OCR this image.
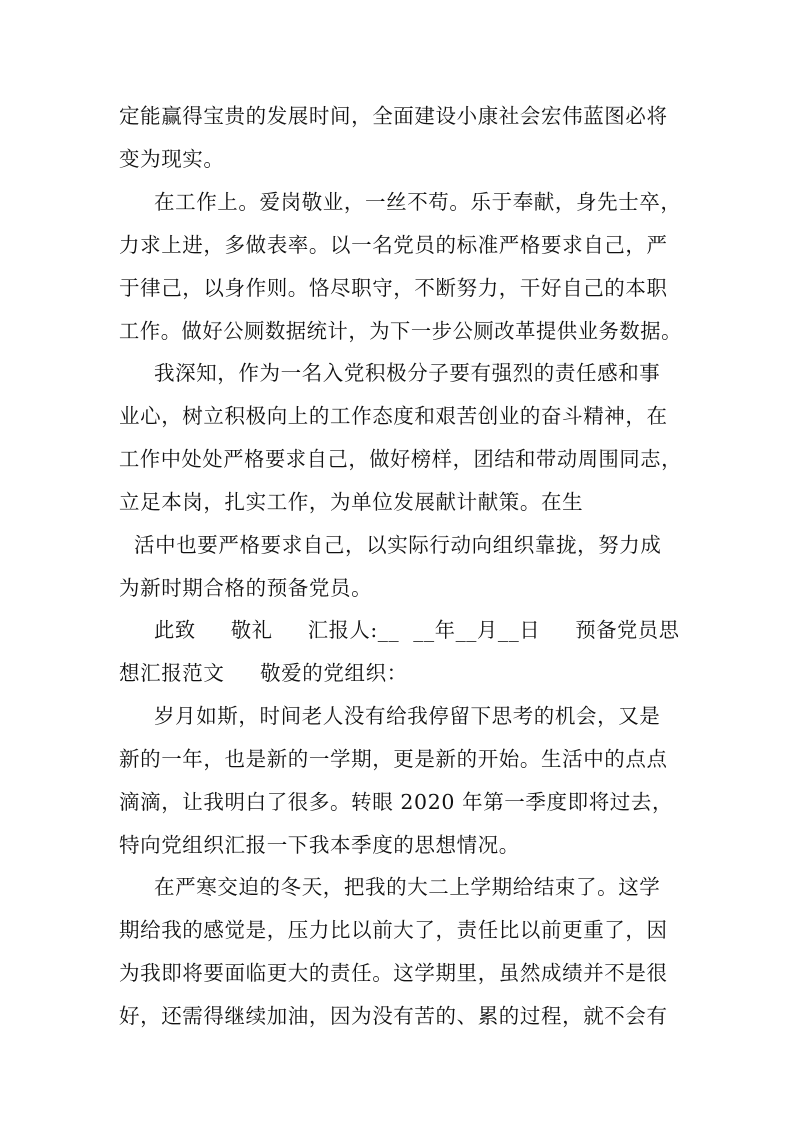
定能赢得宝贵的发展时间，全面建设小康社会宏伟蓝图必将
变为现实。
在工作上。爱岗敬业，一丝不苟。乐于奉献，身先士卒，
力求上进，多做表率。以一名党员的标准严格要求自己，严
于律己，以身作则。恪尽职守，不断努力，干好自己的本职
工作。做好公厕数据统计，为下一步公厕改革提供业务数据。
我深知，作为一名入党积极分子要有强烈的责任感和事
业心，树立积极向上的工作态度和艰苦创业的奋斗精神，在
工作中处处严格要求自己，做好榜样，团结和带动周围同志，
立足本岗，扎实工作，为单位发展献计献策。在生
活中也要严格要求自己，以实际行动向组织靠拢，努力成
为新时期合格的预备党员。
此致     敬礼     汇报人:__  __年__月__日     预备党员思
想汇报范文     敬爱的党组织：
岁月如斯，时间老人没有给我停留下思考的机会，又是
新的一年，也是新的一学期，更是新的开始。生活中的点点
滴滴，让我明白了很多。转眼 2020 年第一季度即将过去，
特向党组织汇报一下我本季度的思想情况。
在严寒交迫的冬天，把我的大二上学期给结束了。这学
期给我的感觉是，压力比以前大了，责任比以前更重了，因
为我即将要面临更大的责任。这学期里，虽然成绩并不是很
好，还需得继续加油，因为没有苦的、累的过程，就不会有
